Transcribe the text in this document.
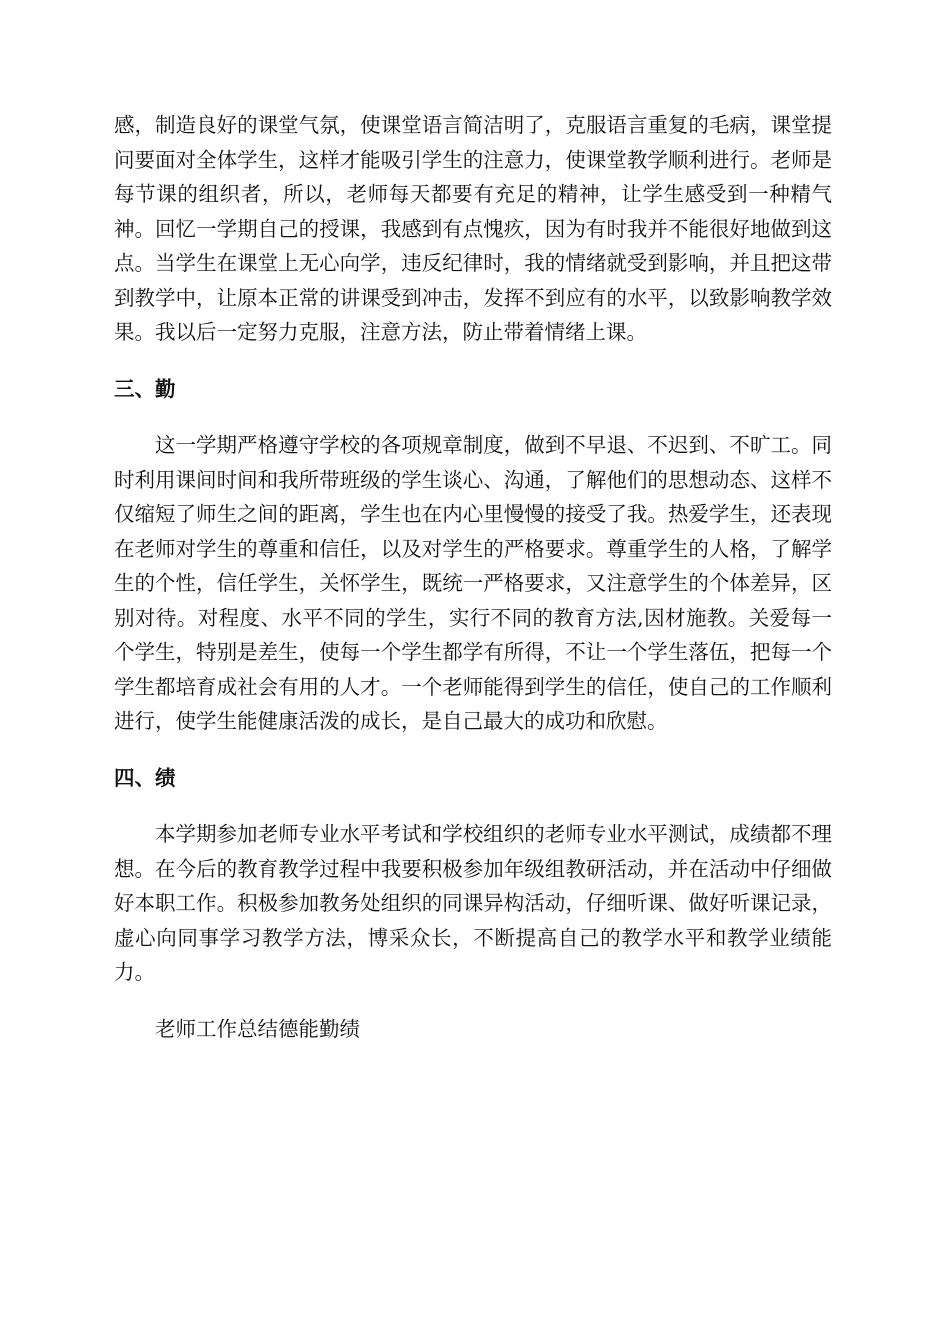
感，制造良好的课堂气氛，使课堂语言简洁明了，克服语言重复的毛病，课堂提问要面对全体学生，这样才能吸引学生的注意力，使课堂教学顺利进行。老师是每节课的组织者，所以，老师每天都要有充足的精神，让学生感受到一种精气神。回忆一学期自己的授课，我感到有点愧疚，因为有时我并不能很好地做到这点。当学生在课堂上无心向学，违反纪律时，我的情绪就受到影响，并且把这带到教学中，让原本正常的讲课受到冲击，发挥不到应有的水平，以致影响教学效果。我以后一定努力克服，注意方法，防止带着情绪上课。

三、勤

这一学期严格遵守学校的各项规章制度，做到不早退、不迟到、不旷工。同时利用课间时间和我所带班级的学生谈心、沟通，了解他们的思想动态、这样不仅缩短了师生之间的距离，学生也在内心里慢慢的接受了我。热爱学生，还表现在老师对学生的尊重和信任，以及对学生的严格要求。尊重学生的人格，了解学生的个性，信任学生，关怀学生，既统一严格要求，又注意学生的个体差异，区别对待。对程度、水平不同的学生，实行不同的教育方法,因材施教。关爱每一个学生，特别是差生，使每一个学生都学有所得，不让一个学生落伍，把每一个学生都培育成社会有用的人才。一个老师能得到学生的信任，使自己的工作顺利进行，使学生能健康活泼的成长，是自己最大的成功和欣慰。

四、绩

本学期参加老师专业水平考试和学校组织的老师专业水平测试，成绩都不理想。在今后的教育教学过程中我要积极参加年级组教研活动，并在活动中仔细做好本职工作。积极参加教务处组织的同课异构活动，仔细听课、做好听课记录，虚心向同事学习教学方法，博采众长，不断提高自己的教学水平和教学业绩能力。

老师工作总结德能勤绩
